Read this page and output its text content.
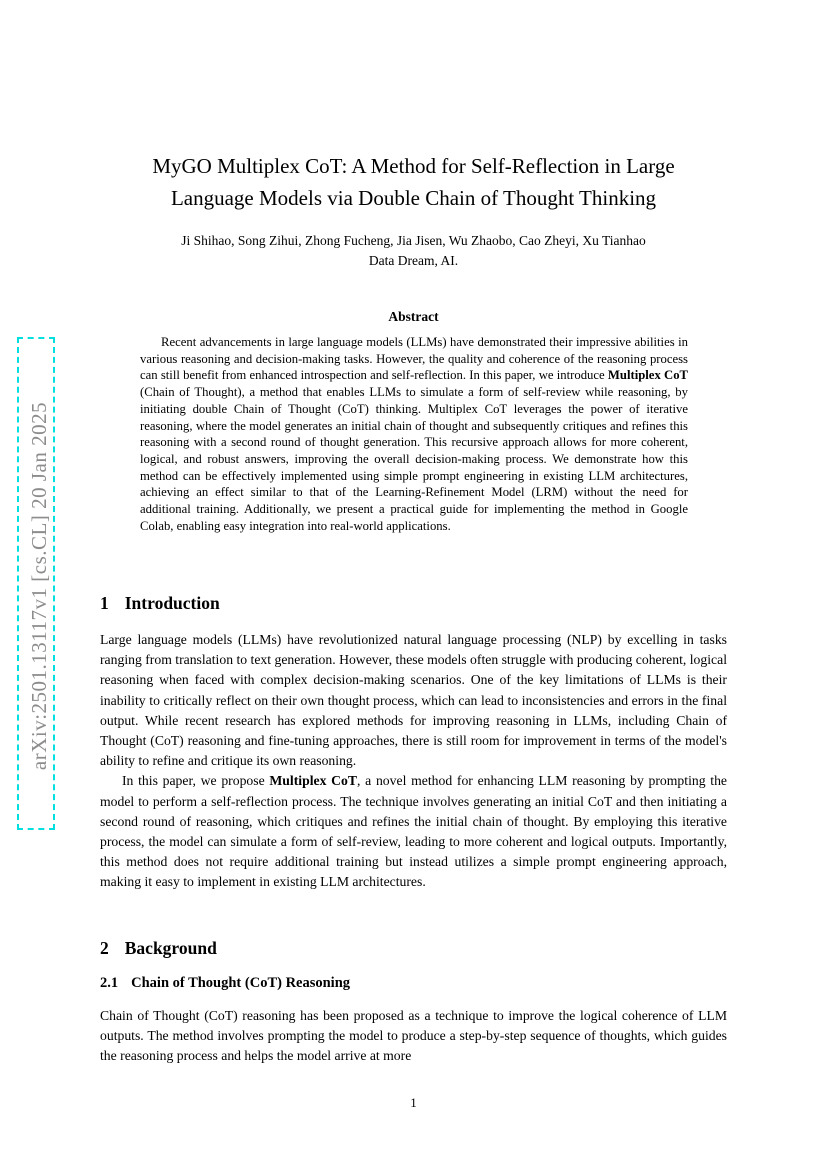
arXiv:2501.13117v1 [cs.CL] 20 Jan 2025
MyGO Multiplex CoT: A Method for Self-Reflection in Large
Language Models via Double Chain of Thought Thinking
Ji Shihao, Song Zihui, Zhong Fucheng, Jia Jisen, Wu Zhaobo, Cao Zheyi, Xu Tianhao
Data Dream, AI.
Abstract

Recent advancements in large language models (LLMs) have demonstrated their impressive abilities in various reasoning and decision-making tasks. However, the quality and coherence of the reasoning process can still benefit from enhanced introspection and self-reflection. In this paper, we introduce Multiplex CoT (Chain of Thought), a method that enables LLMs to simulate a form of self-review while reasoning, by initiating double Chain of Thought (CoT) thinking. Multiplex CoT leverages the power of iterative reasoning, where the model generates an initial chain of thought and subsequently critiques and refines this reasoning with a second round of thought generation. This recursive approach allows for more coherent, logical, and robust answers, improving the overall decision-making process. We demonstrate how this method can be effectively implemented using simple prompt engineering in existing LLM architectures, achieving an effect similar to that of the Learning-Refinement Model (LRM) without the need for additional training. Additionally, we present a practical guide for implementing the method in Google Colab, enabling easy integration into real-world applications.

1 Introduction

Large language models (LLMs) have revolutionized natural language processing (NLP) by excelling in tasks ranging from translation to text generation. However, these models often struggle with producing coherent, logical reasoning when faced with complex decision-making scenarios. One of the key limitations of LLMs is their inability to critically reflect on their own thought process, which can lead to inconsistencies and errors in the final output. While recent research has explored methods for improving reasoning in LLMs, including Chain of Thought (CoT) reasoning and fine-tuning approaches, there is still room for improvement in terms of the model's ability to refine and critique its own reasoning.

In this paper, we propose Multiplex CoT, a novel method for enhancing LLM reasoning by prompting the model to perform a self-reflection process. The technique involves generating an initial CoT and then initiating a second round of reasoning, which critiques and refines the initial chain of thought. By employing this iterative process, the model can simulate a form of self-review, leading to more coherent and logical outputs. Importantly, this method does not require additional training but instead utilizes a simple prompt engineering approach, making it easy to implement in existing LLM architectures.

2 Background
2.1 Chain of Thought (CoT) Reasoning

Chain of Thought (CoT) reasoning has been proposed as a technique to improve the logical coherence of LLM outputs. The method involves prompting the model to produce a step-by-step sequence of thoughts, which guides the reasoning process and helps the model arrive at more

1
